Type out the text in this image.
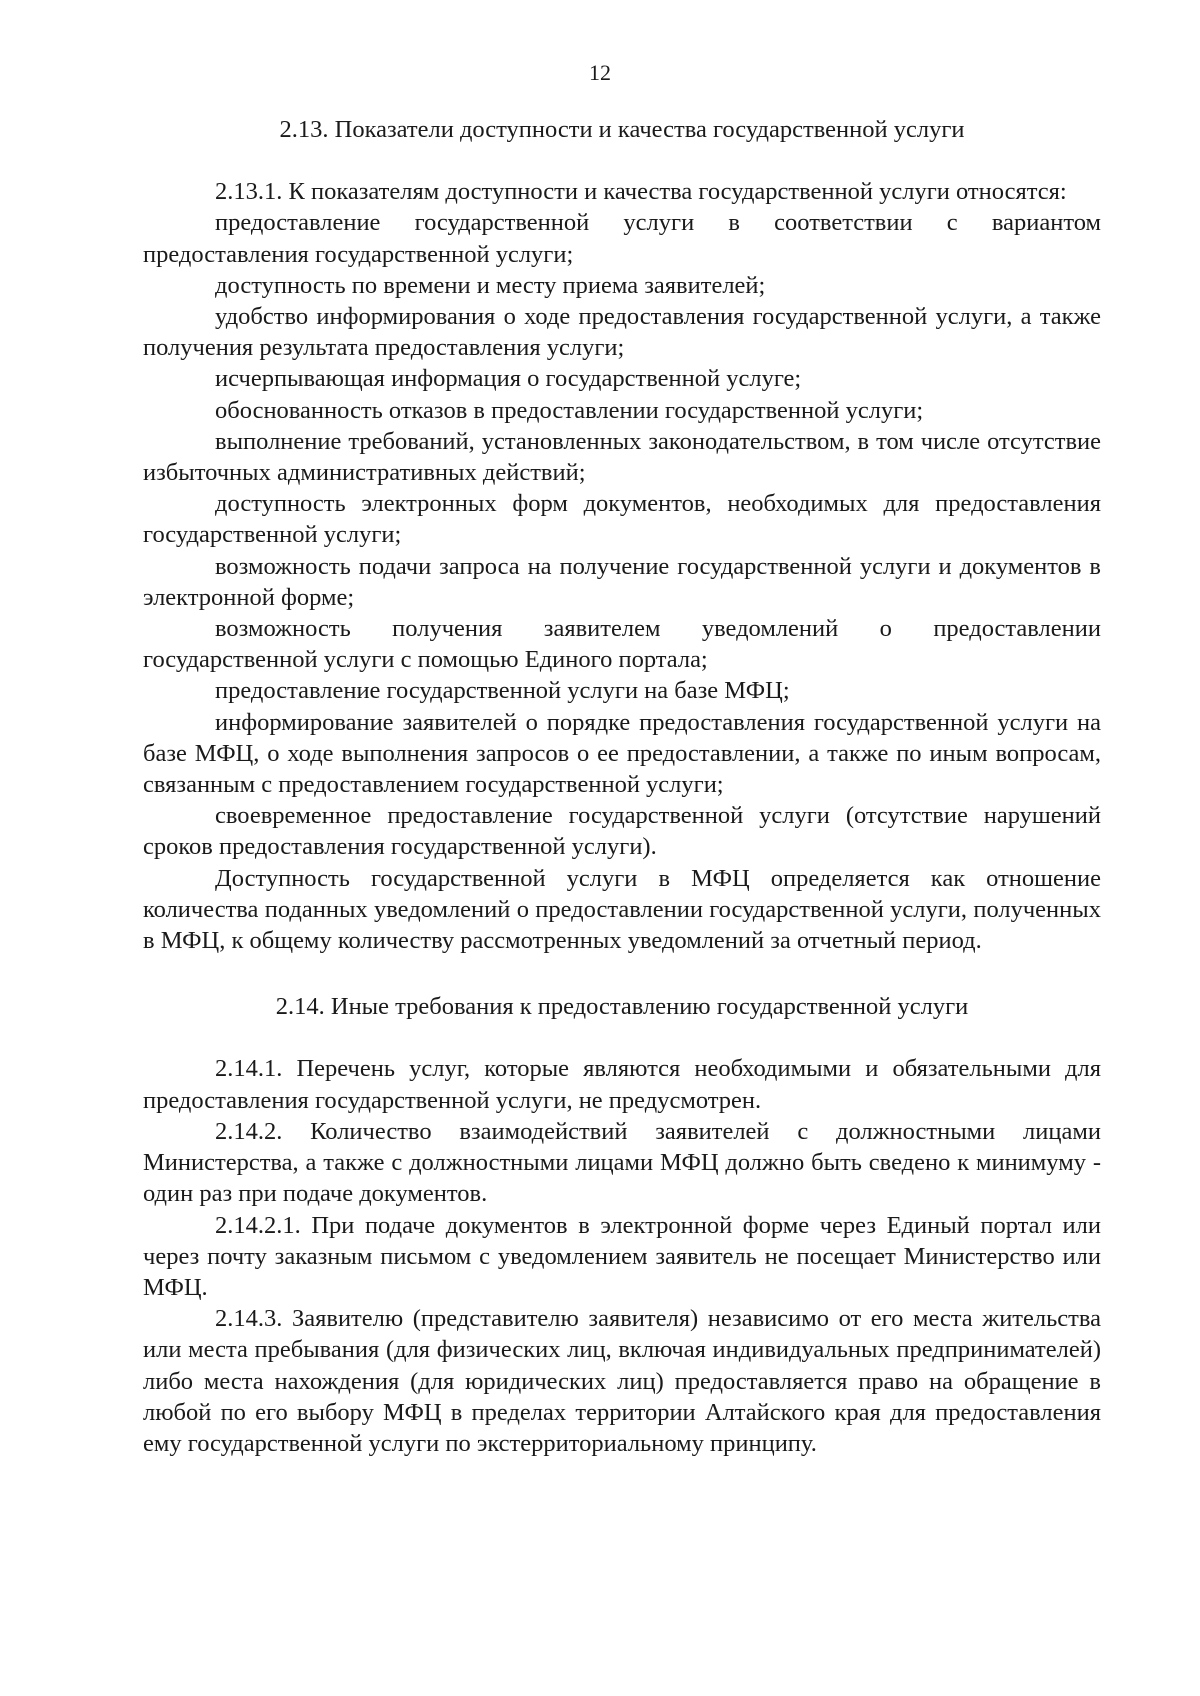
12

2.13. Показатели доступности и качества государственной услуги

2.13.1. К показателям доступности и качества государственной услуги относятся:

предоставление государственной услуги в соответствии с вариантом предоставления государственной услуги;

доступность по времени и месту приема заявителей;

удобство информирования о ходе предоставления государственной услуги, а также получения результата предоставления услуги;

исчерпывающая информация о государственной услуге;

обоснованность отказов в предоставлении государственной услуги;

выполнение требований, установленных законодательством, в том числе отсутствие избыточных административных действий;

доступность электронных форм документов, необходимых для предоставления государственной услуги;

возможность подачи запроса на получение государственной услуги и документов в электронной форме;

возможность получения заявителем уведомлений о предоставлении государственной услуги с помощью Единого портала;

предоставление государственной услуги на базе МФЦ;

информирование заявителей о порядке предоставления государственной услуги на базе МФЦ, о ходе выполнения запросов о ее предоставлении, а также по иным вопросам, связанным с предоставлением государственной услуги;

своевременное предоставление государственной услуги (отсутствие нарушений сроков предоставления государственной услуги).

Доступность государственной услуги в МФЦ определяется как отношение количества поданных уведомлений о предоставлении государственной услуги, полученных в МФЦ, к общему количеству рассмотренных уведомлений за отчетный период.

2.14. Иные требования к предоставлению государственной услуги

2.14.1. Перечень услуг, которые являются необходимыми и обязательными для предоставления государственной услуги, не предусмотрен.

2.14.2. Количество взаимодействий заявителей с должностными лицами Министерства, а также с должностными лицами МФЦ должно быть сведено к минимуму - один раз при подаче документов.

2.14.2.1. При подаче документов в электронной форме через Единый портал или через почту заказным письмом с уведомлением заявитель не посещает Министерство или МФЦ.

2.14.3. Заявителю (представителю заявителя) независимо от его места жительства или места пребывания (для физических лиц, включая индивидуальных предпринимателей) либо места нахождения (для юридических лиц) предоставляется право на обращение в любой по его выбору МФЦ в пределах территории Алтайского края для предоставления ему государственной услуги по экстерриториальному принципу.
